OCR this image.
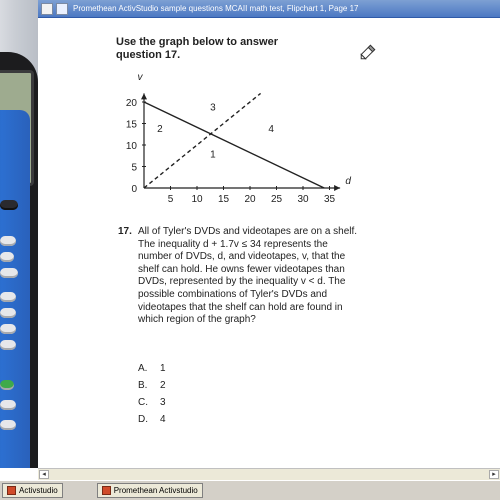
Promethean ActivStudio sample questions MCAII math test, Flipchart 1, Page 17
Use the graph below to answer question 17.
0
5
10
15
20
5 10 15 20 25 30 35
v
d
1
2
3
4
17. All of Tyler's DVDs and videotapes are on a shelf. The inequality d + 1.7v ≤ 34 represents the number of DVDs, d, and videotapes, v, that the shelf can hold. He owns fewer videotapes than DVDs, represented by the inequality v < d. The possible combinations of Tyler's DVDs and videotapes that the shelf can hold are found in which region of the graph?
A.	1
B.	2
C.	3
D.	4
◂	▸
Activstudio	Promethean Activstudio
